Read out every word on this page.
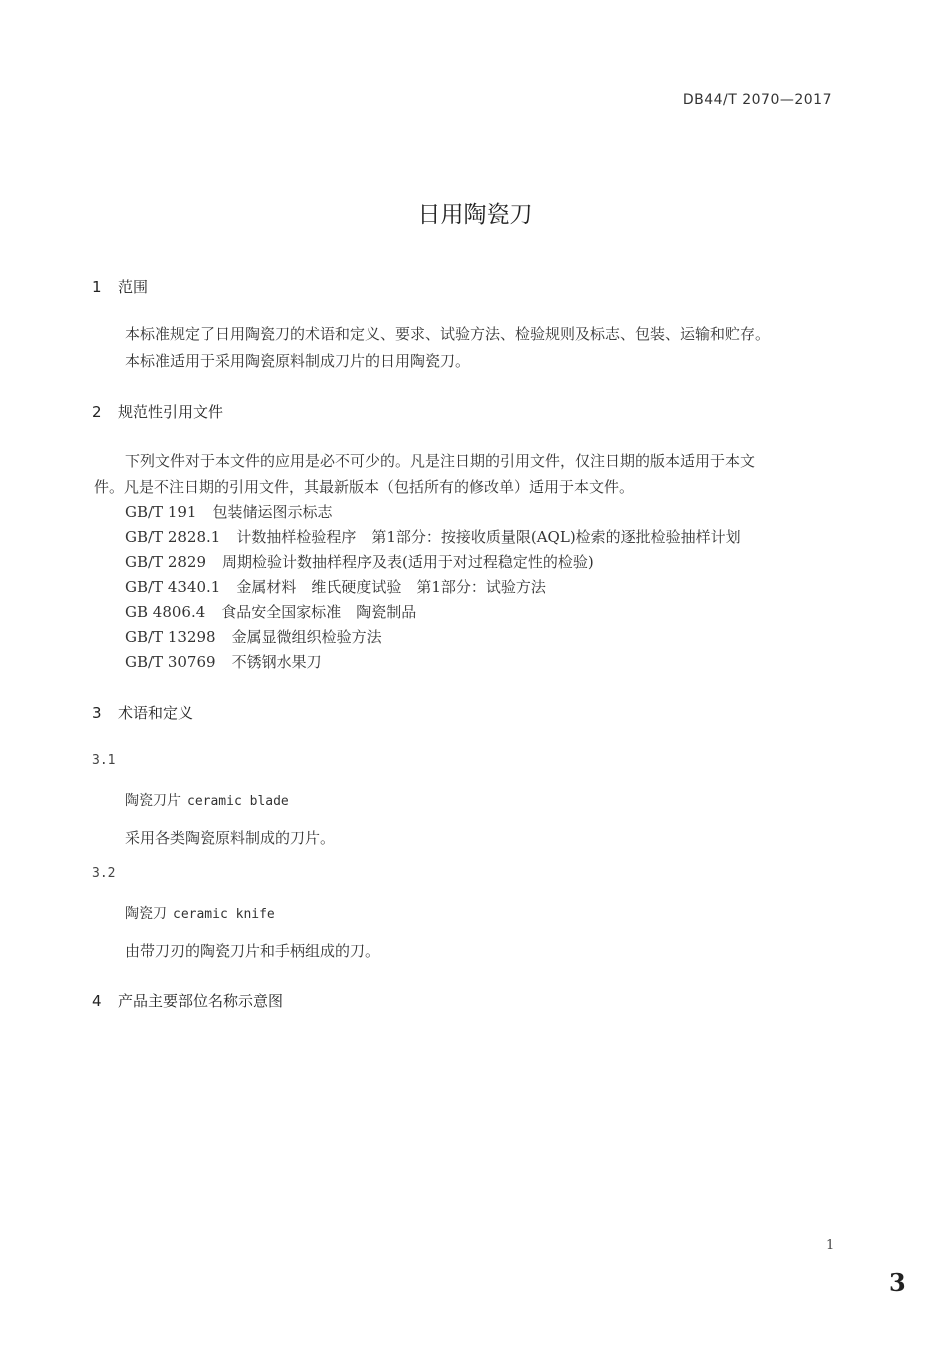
DB44/T 2070—2017
日用陶瓷刀
1 范围
本标准规定了日用陶瓷刀的术语和定义、要求、试验方法、检验规则及标志、包装、运输和贮存。
本标准适用于采用陶瓷原料制成刀片的日用陶瓷刀。
2 规范性引用文件
下列文件对于本文件的应用是必不可少的。凡是注日期的引用文件，仅注日期的版本适用于本文
件。凡是不注日期的引用文件，其最新版本（包括所有的修改单）适用于本文件。
GB/T 191 包装储运图示标志
GB/T 2828.1 计数抽样检验程序　第1部分：按接收质量限(AQL)检索的逐批检验抽样计划
GB/T 2829 周期检验计数抽样程序及表(适用于对过程稳定性的检验)
GB/T 4340.1 金属材料　维氏硬度试验　第1部分：试验方法
GB 4806.4 食品安全国家标准　陶瓷制品
GB/T 13298 金属显微组织检验方法
GB/T 30769 不锈钢水果刀
3 术语和定义
3.1
陶瓷刀片 ceramic blade
采用各类陶瓷原料制成的刀片。
3.2
陶瓷刀 ceramic knife
由带刀刃的陶瓷刀片和手柄组成的刀。
4 产品主要部位名称示意图
1
3
